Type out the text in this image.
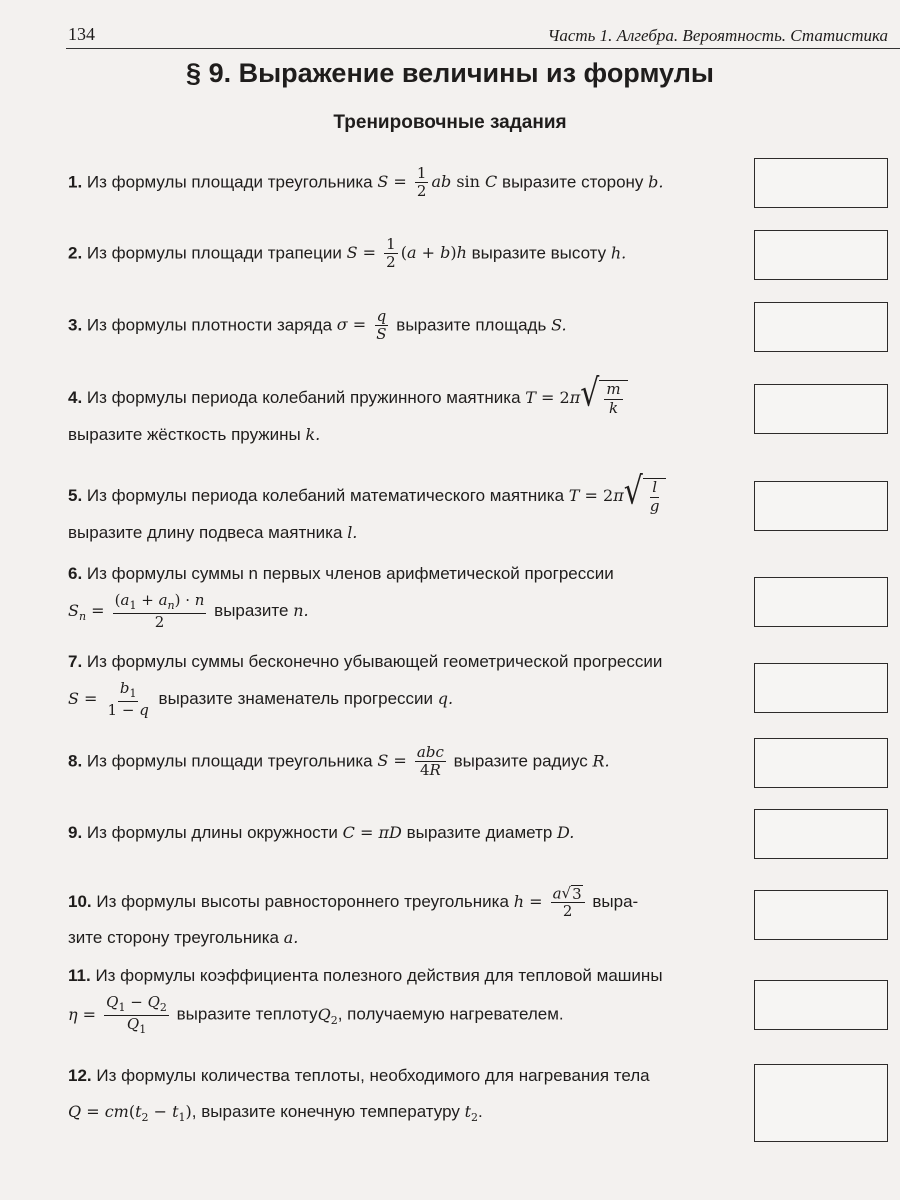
134	Часть 1. Алгебра. Вероятность. Статистика
§ 9. Выражение величины из формулы
Тренировочные задания
1. Из формулы площади треугольника $S = \frac{1}{2}$ ab sin C выразите сторону b.
2. Из формулы площади трапеции $S = \frac{1}{2} (a + b)h$ выразите высоту h.
3. Из формулы плотности заряда $\sigma = \frac{q}{S}$ выразите площадь S.
4. Из формулы периода колебаний пружинного маятника T = 2π √ m
k

выразите жёсткость пружины k.
5. Из формулы периода колебаний математического маятника T = 2π √ l
g

выразите длину подвеса маятника l.
6. Из формулы суммы n первых членов арифметической прогрессии
$S_n = \frac{(a_1 + a_n) \cdot n}{2}$ выразите n.
7. Из формулы суммы бесконечно убывающей геометрической прогрессии
$S = \frac{b_1}{1 - q}$ выразите знаменатель прогрессии q.
8. Из формулы площади треугольника S = abc
4R выразите радиус R.
9. Из формулы длины окружности C = πD выразите диаметр D.
10. Из формулы высоты равностороннего треугольника $h = \frac{a√ 3}{2}$ выра-
зите сторону треугольника a.
11. Из формулы коэффициента полезного действия для тепловой машины
$\eta = \frac{Q_1 - Q_2}{Q_1}$ выразите теплотуQ$_2$, получаемую нагревателем.
12. Из формулы количества теплоты, необходимого для нагревания тела
$Q = cm(t_2 - t_1)$, выразите конечную температуру $t_2$.
